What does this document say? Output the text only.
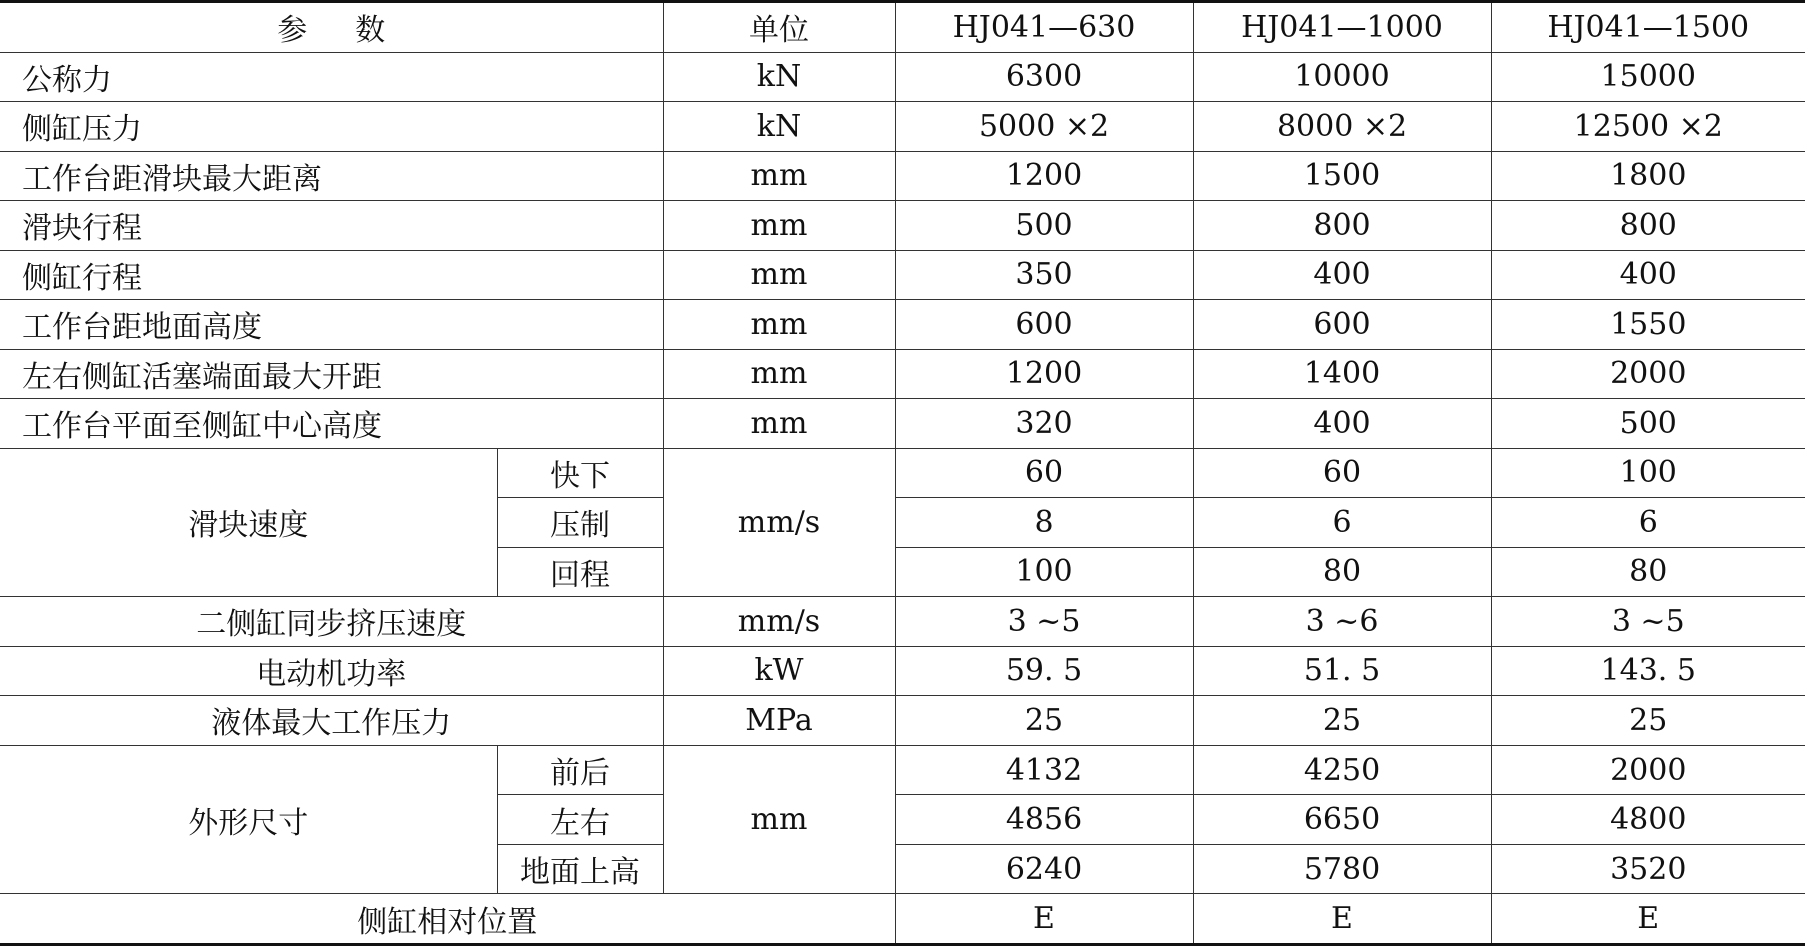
参数		单位	HJ041—630	HJ041—1000	HJ041—1500
公称力		kN	6300	10000	15000
侧缸压力		kN	5000 ×2	8000 ×2	12500 ×2
工作台距滑块最大距离		mm	1200	1500	1800
滑块行程		mm	500	800	800
侧缸行程		mm	350	400	400
工作台距地面高度		mm	600	600	1550
左右侧缸活塞端面最大开距		mm	1200	1400	2000
工作台平面至侧缸中心高度		mm	320	400	500
滑块速度	快下	mm/s	60	60	100
	压制		8	6	6
	回程		100	80	80
二侧缸同步挤压速度		mm/s	3 ~5	3 ~6	3 ~5
电动机功率		kW	59. 5	51. 5	143. 5
液体最大工作压力		MPa	25	25	25
外形尺寸	前后	mm	4132	4250	2000
	左右		4856	6650	4800
	地面上高		6240	5780	3520
侧缸相对位置			E	E	E
